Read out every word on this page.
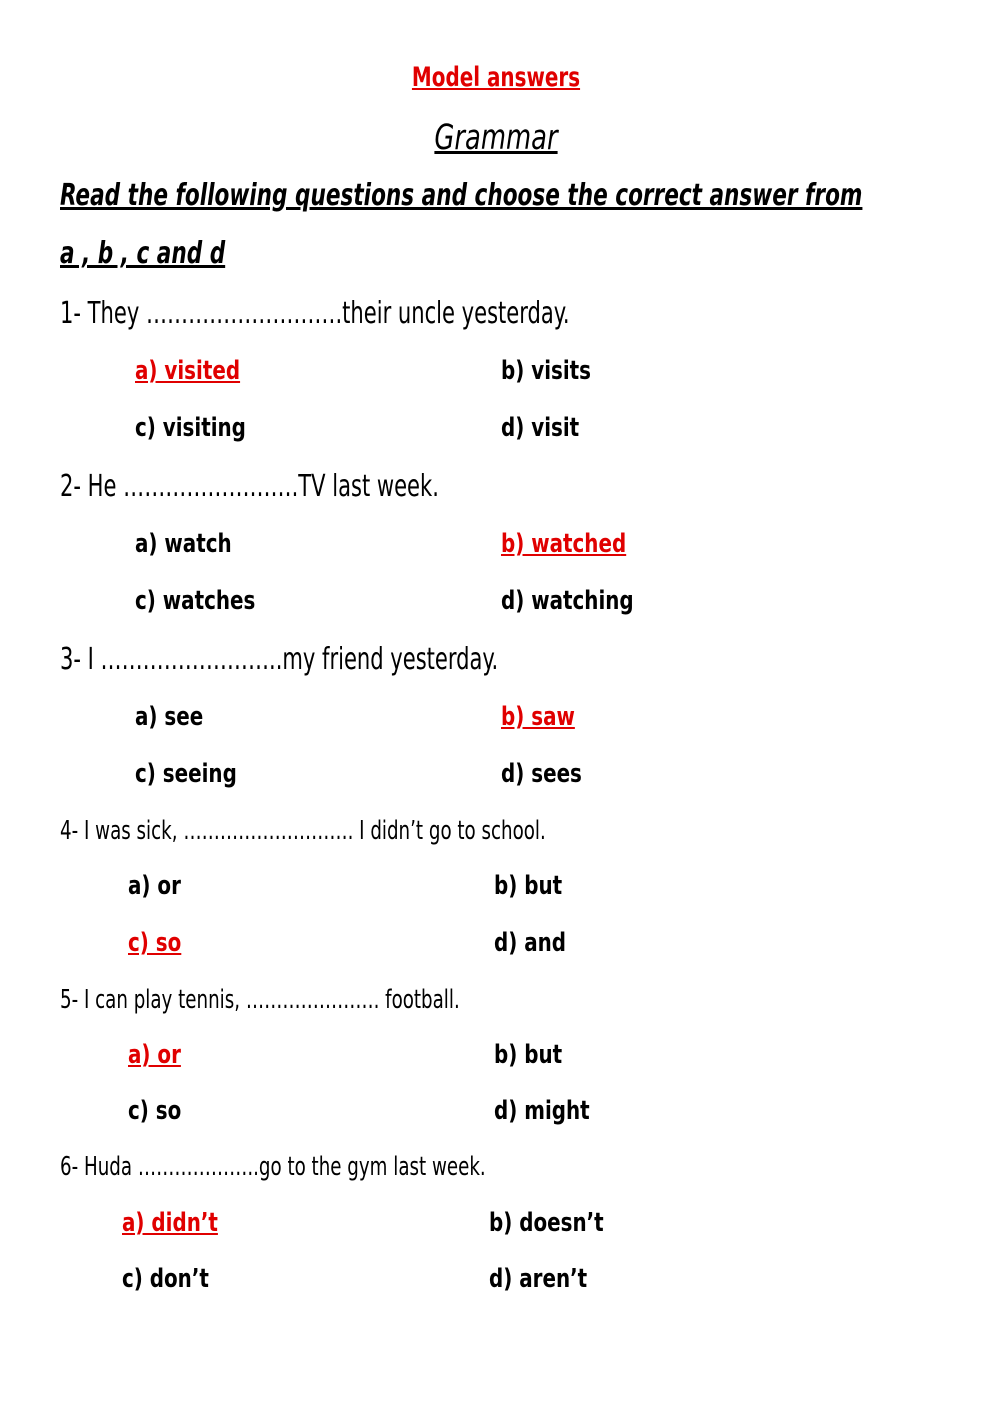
Model answers
Grammar
Read the following questions and choose the correct answer from
a , b , c and d
1- They ……………………….their uncle yesterday.
a) visited	b) visits
c) visiting	d) visit
2- He …………………….TV last week.
a) watch	b) watched
c) watches	d) watching
3- I ……………………..my friend yesterday.
a) see	b) saw
c) seeing	d) sees
4- I was sick, ………………………. I didn’t go to school.
a) or	b) but
c) so	d) and
5- I can play tennis, …………………. football.
a) or	b) but
c) so	d) might
6- Huda ………………..go to the gym last week.
a) didn’t	b) doesn’t
c) don’t	d) aren’t
